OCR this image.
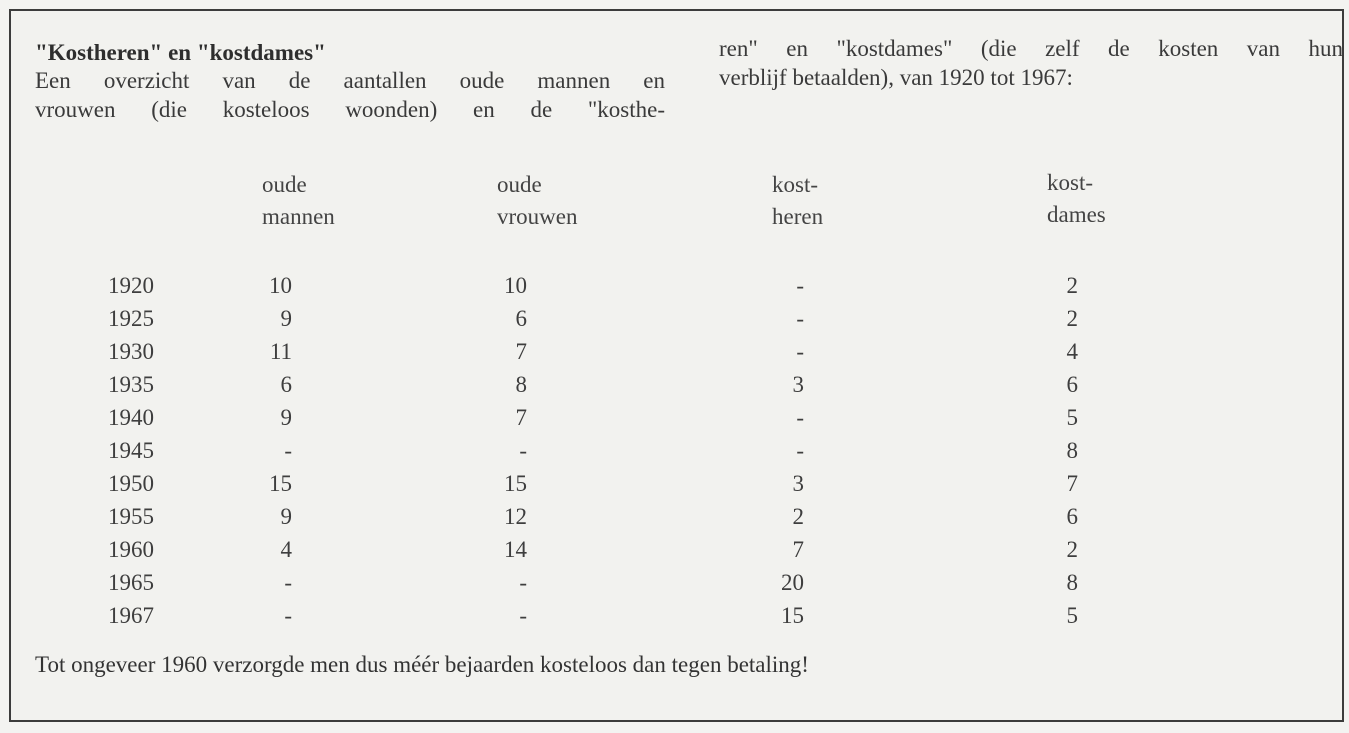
"Kostheren" en "kostdames"
Een overzicht van de aantallen oude mannen en
vrouwen (die kosteloos woonden) en de "kosthe-
ren" en "kostdames" (die zelf de kosten van hun
verblijf betaalden), van 1920 tot 1967:
oude
mannen
oude
vrouwen
kost-
heren
kost-
dames
1920	10	10	-	2
1925	9	6	-	2
1930	11	7	-	4
1935	6	8	3	6
1940	9	7	-	5
1945	-	-	-	8
1950	15	15	3	7
1955	9	12	2	6
1960	4	14	7	2
1965	-	-	20	8
1967	-	-	15	5
Tot ongeveer 1960 verzorgde men dus méér bejaarden kosteloos dan tegen betaling!
